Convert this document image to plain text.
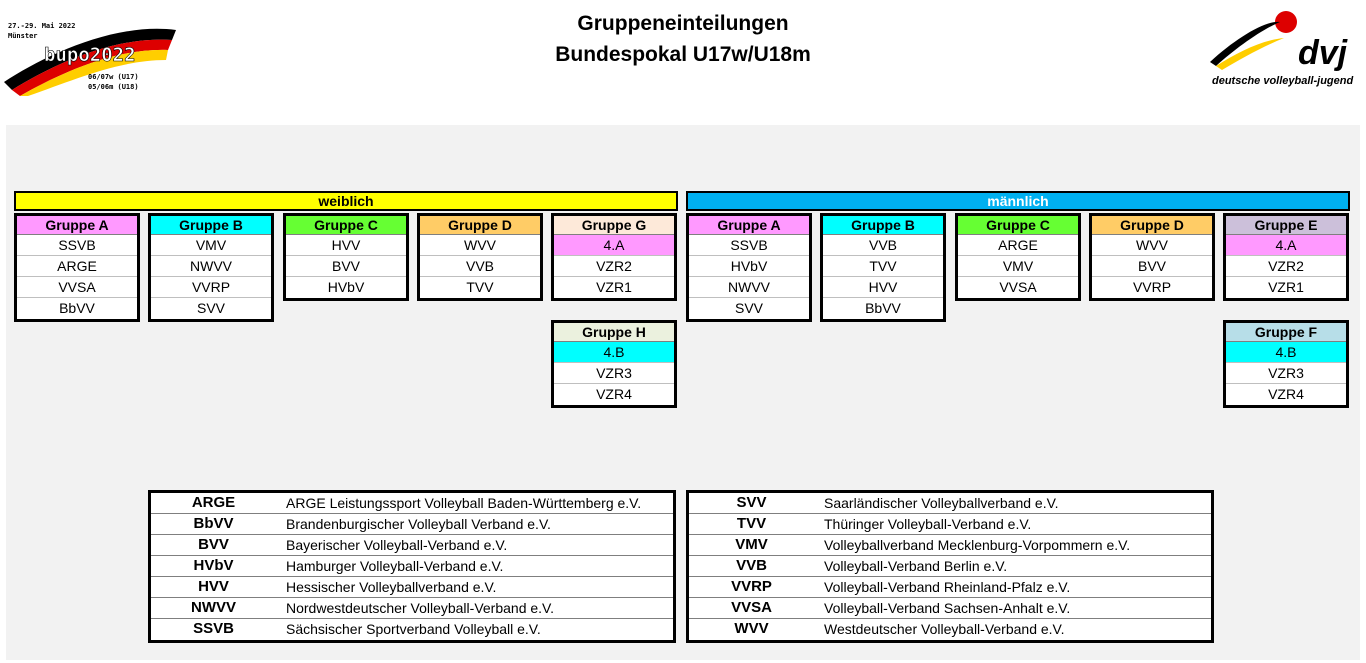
Gruppeneinteilungen
Bundespokal U17w/U18m
27.-29. Mai 2022
Münster
bupo2022
06/07w (U17)
05/06m (U18)
dvj
deutsche volleyball-jugend
weiblich	männlich
Gruppe A
SSVB
ARGE
VVSA
BbVV
Gruppe B
VMV
NWVV
VVRP
SVV
Gruppe C
HVV
BVV
HVbV
Gruppe D
WVV
VVB
TVV
Gruppe G
4.A
VZR2
VZR1
Gruppe H
4.B
VZR3
VZR4
Gruppe A
SSVB
HVbV
NWVV
SVV
Gruppe B
VVB
TVV
HVV
BbVV
Gruppe C
ARGE
VMV
VVSA
Gruppe D
WVV
BVV
VVRP
Gruppe E
4.A
VZR2
VZR1
Gruppe F
4.B
VZR3
VZR4
ARGE	ARGE Leistungssport Volleyball Baden-Württemberg e.V.
BbVV	Brandenburgischer Volleyball Verband e.V.
BVV	Bayerischer Volleyball-Verband e.V.
HVbV	Hamburger Volleyball-Verband e.V.
HVV	Hessischer Volleyballverband e.V.
NWVV	Nordwestdeutscher Volleyball-Verband e.V.
SSVB	Sächsischer Sportverband Volleyball e.V.
SVV	Saarländischer Volleyballverband e.V.
TVV	Thüringer Volleyball-Verband e.V.
VMV	Volleyballverband Mecklenburg-Vorpommern e.V.
VVB	Volleyball-Verband Berlin e.V.
VVRP	Volleyball-Verband Rheinland-Pfalz e.V.
VVSA	Volleyball-Verband Sachsen-Anhalt e.V.
WVV	Westdeutscher Volleyball-Verband e.V.
